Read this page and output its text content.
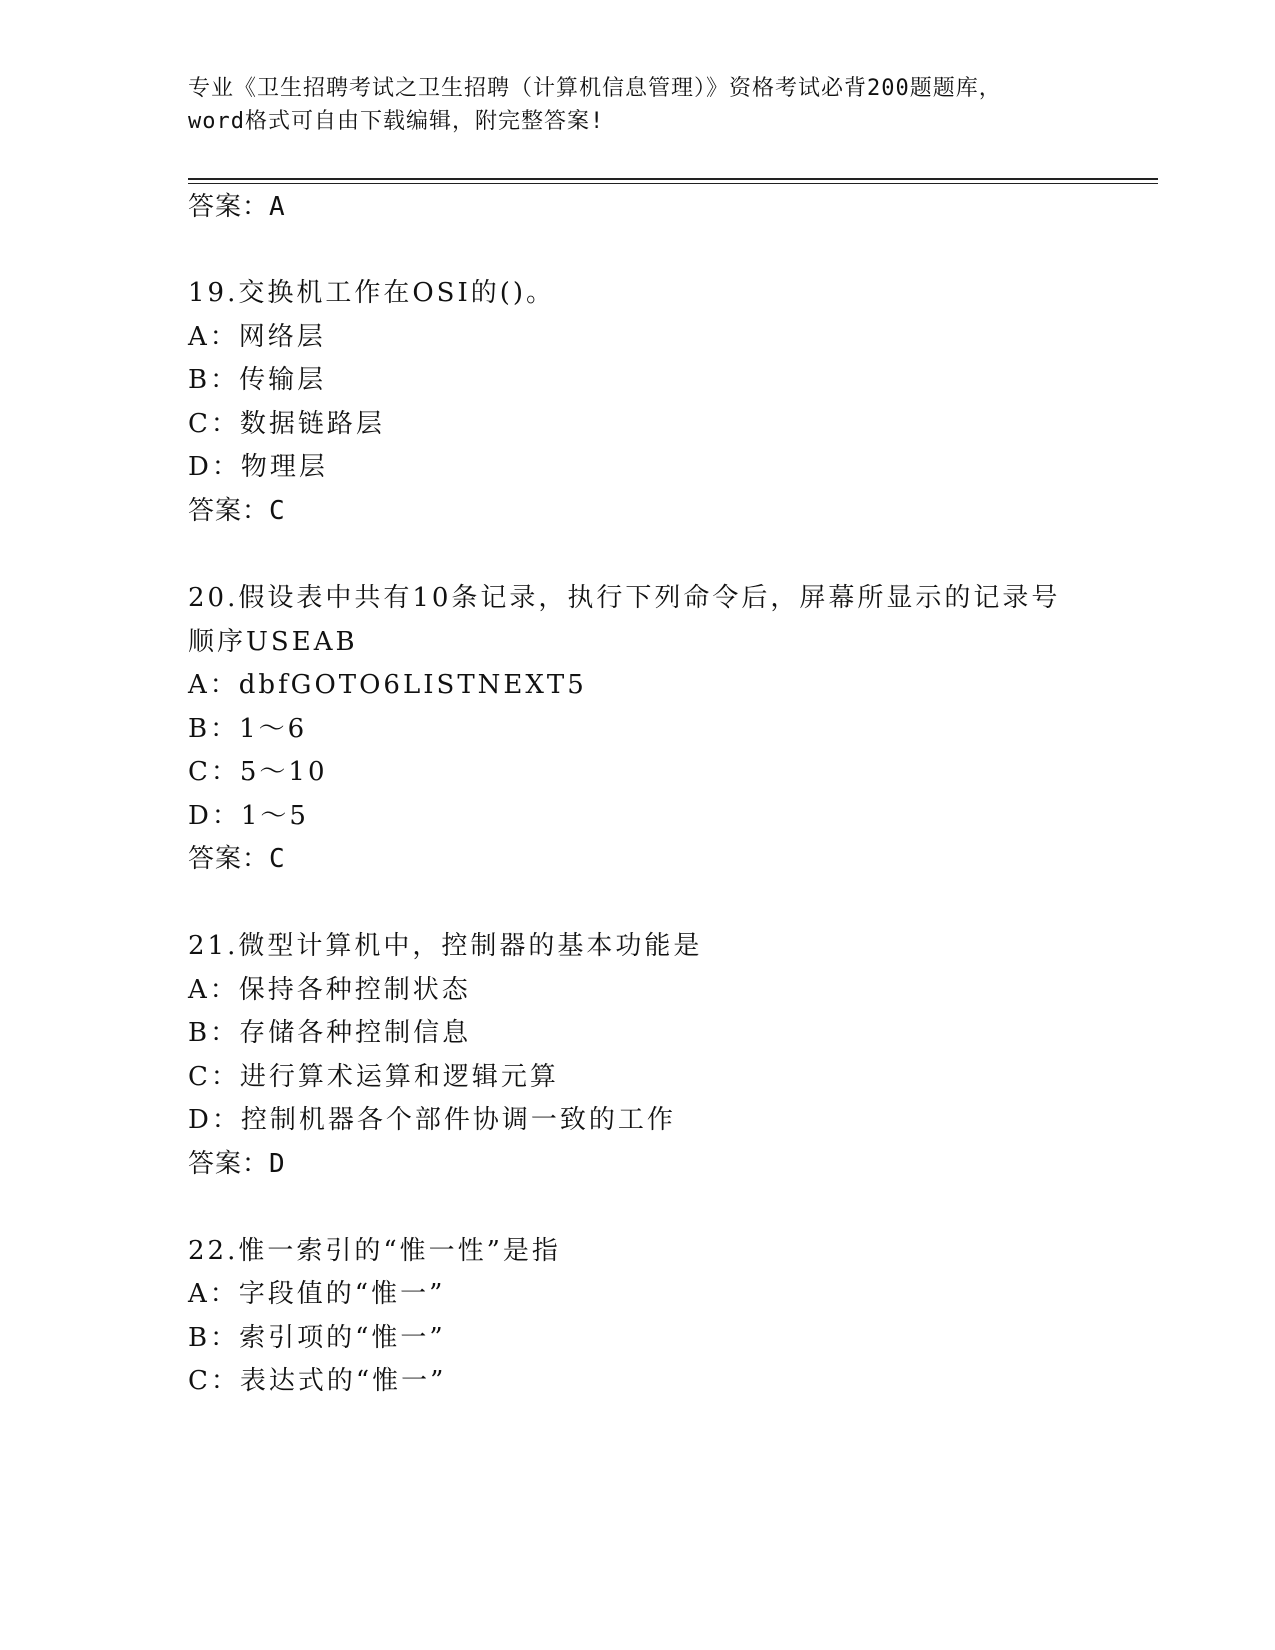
专业《卫生招聘考试之卫生招聘（计算机信息管理）》资格考试必背200题题库，
word格式可自由下载编辑，附完整答案!
答案：A
19.交换机工作在OSI的()。
A：网络层
B：传输层
C：数据链路层
D：物理层
答案：C
20.假设表中共有10条记录，执行下列命令后，屏幕所显示的记录号
顺序USEAB
A：dbfGOTO6LISTNEXT5
B：1～6
C：5～10
D：1～5
答案：C
21.微型计算机中，控制器的基本功能是
A：保持各种控制状态
B：存储各种控制信息
C：进行算术运算和逻辑元算
D：控制机器各个部件协调一致的工作
答案：D
22.惟一索引的“惟一性”是指
A：字段值的“惟一”
B：索引项的“惟一”
C：表达式的“惟一”
